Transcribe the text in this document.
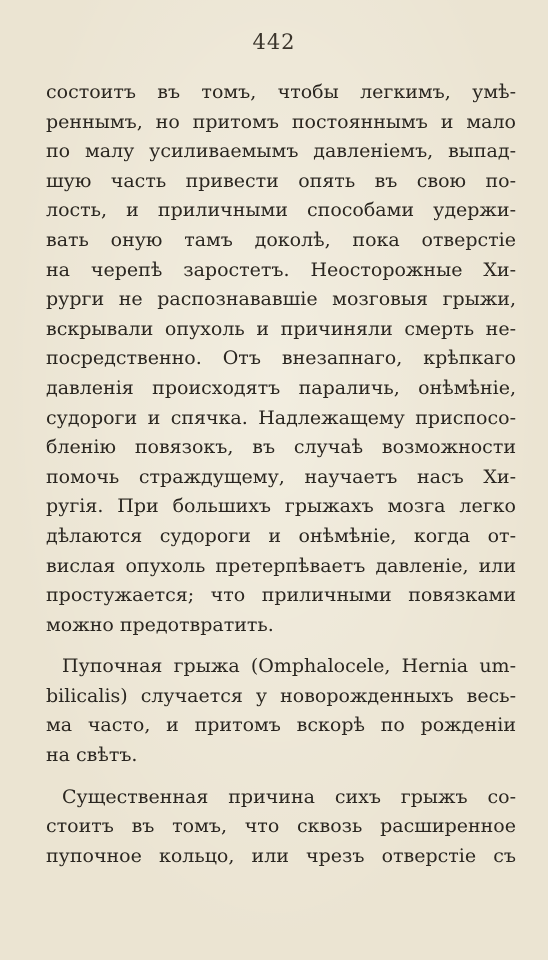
442
состоитъ въ томъ, чтобы легкимъ, умѣ-
реннымъ, но притомъ постояннымъ и мало
по малу усиливаемымъ давленіемъ, выпад-
шую часть привести опять въ свою по-
лость, и приличными способами удержи-
вать оную тамъ доколѣ, пока отверстіе
на черепѣ заростетъ. Неосторожные Хи-
рурги не распознававшіе мозговыя грыжи,
вскрывали опухоль и причиняли смерть не-
посредственно. Отъ внезапнаго, крѣпкаго
давленія происходятъ параличь, онѣмѣніе,
судороги и спячка. Надлежащему приспосо-
бленію повязокъ, въ случаѣ возможности
помочь страждущему, научаетъ насъ Хи-
ругія. При большихъ грыжахъ мозга легко
дѣлаются судороги и онѣмѣніе, когда от-
вислая опухоль претерпѣваетъ давленіе, или
простужается; что приличными повязками
можно предотвратить.
Пупочная грыжа (Omphalocele, Hernia um-
bilicalis) случается у новорожденныхъ весь-
ма часто, и притомъ вскорѣ по рожденіи
на свѣтъ.
Существенная причина сихъ грыжъ со-
стоитъ въ томъ, что сквозь расширенное
пупочное кольцо, или чрезъ отверстіе съ
